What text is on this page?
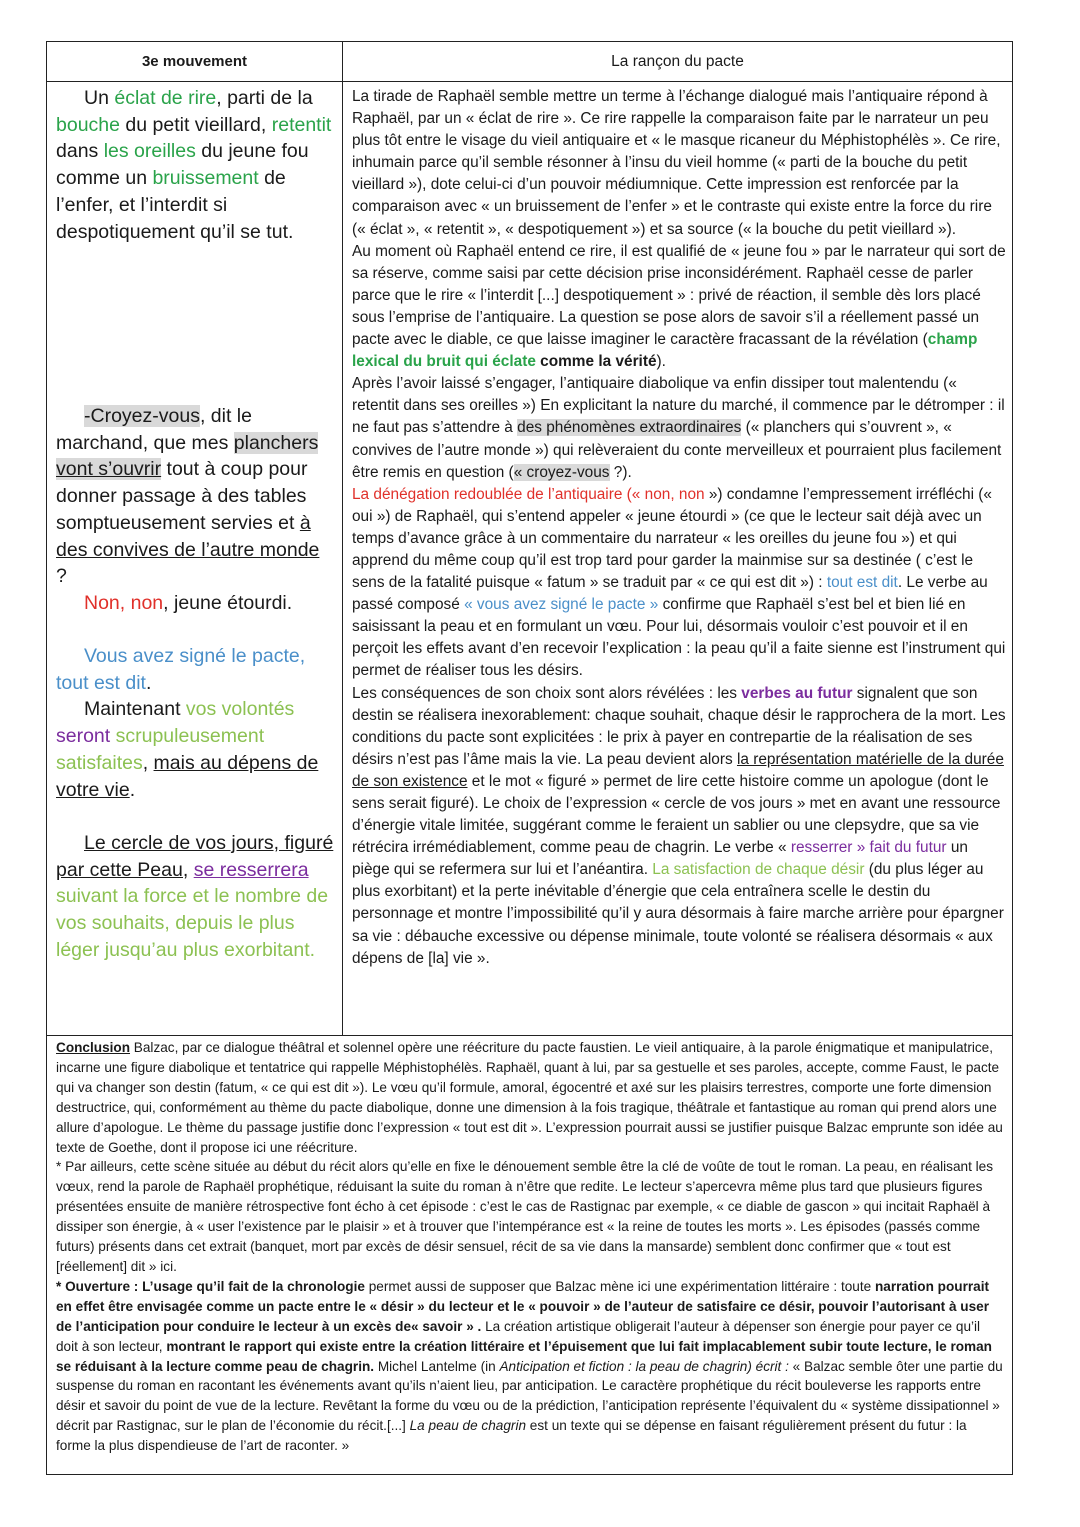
3e mouvement	La rançon du pacte

Un éclat de rire, parti de la bouche du petit vieillard, retentit dans les oreilles du jeune fou comme un bruissement de l’enfer, et l’interdit si despotiquement qu’il se tut.

-Croyez-vous, dit le marchand, que mes planchers vont s’ouvrir tout à coup pour donner passage à des tables somptueusement servies et à des convives de l’autre monde ?

Non, non, jeune étourdi.

Vous avez signé le pacte, tout est dit.

Maintenant vos volontés seront scrupuleusement satisfaites, mais au dépens de votre vie.

Le cercle de vos jours, figuré par cette Peau, se resserrera suivant la force et le nombre de vos souhaits, depuis le plus léger jusqu’au plus exorbitant.

La tirade de Raphaël semble mettre un terme à l’échange dialogué mais l’antiquaire répond à Raphaël, par un « éclat de rire ». Ce rire rappelle la comparaison faite par le narrateur un peu plus tôt entre le visage du vieil antiquaire et « le masque ricaneur du Méphistophélès ». Ce rire, inhumain parce qu’il semble résonner à l’insu du vieil homme (« parti de la bouche du petit vieillard »), dote celui-ci d’un pouvoir médiumnique. Cette impression est renforcée par la comparaison avec « un bruissement de l’enfer » et le contraste qui existe entre la force du rire (« éclat », « retentit », « despotiquement ») et sa source (« la bouche du petit vieillard »).

Au moment où Raphaël entend ce rire, il est qualifié de « jeune fou » par le narrateur qui sort de sa réserve, comme saisi par cette décision prise inconsidérément. Raphaël cesse de parler parce que le rire « l’interdit [...] despotiquement » : privé de réaction, il semble dès lors placé sous l’emprise de l’antiquaire. La question se pose alors de savoir s’il a réellement passé un pacte avec le diable, ce que laisse imaginer le caractère fracassant de la révélation (champ lexical du bruit qui éclate comme la vérité).

Après l’avoir laissé s’engager, l’antiquaire diabolique va enfin dissiper tout malentendu (« retentit dans ses oreilles ») En explicitant la nature du marché, il commence par le détromper : il ne faut pas s’attendre à des phénomènes extraordinaires (« planchers qui s’ouvrent », « convives de l’autre monde ») qui relèveraient du conte merveilleux et pourraient plus facilement être remis en question (« croyez-vous ?).

La dénégation redoublée de l’antiquaire (« non, non ») condamne l’empressement irréfléchi (« oui ») de Raphaël, qui s’entend appeler « jeune étourdi » (ce que le lecteur sait déjà avec un temps d’avance grâce à un commentaire du narrateur « les oreilles du jeune fou ») et qui apprend du même coup qu’il est trop tard pour garder la mainmise sur sa destinée ( c’est le sens de la fatalité puisque « fatum » se traduit par « ce qui est dit ») : tout est dit. Le verbe au passé composé « vous avez signé le pacte » confirme que Raphaël s’est bel et bien lié en saisissant la peau et en formulant un vœu. Pour lui, désormais vouloir c’est pouvoir et il en perçoit les effets avant d’en recevoir l’explication : la peau qu’il a faite sienne est l’instrument qui permet de réaliser tous les désirs.

Les conséquences de son choix sont alors révélées : les verbes au futur signalent que son destin se réalisera inexorablement: chaque souhait, chaque désir le rapprochera de la mort. Les conditions du pacte sont explicitées : le prix à payer en contrepartie de la réalisation de ses désirs n’est pas l’âme mais la vie. La peau devient alors la représentation matérielle de la durée de son existence et le mot « figuré » permet de lire cette histoire comme un apologue (dont le sens serait figuré). Le choix de l’expression « cercle de vos jours » met en avant une ressource d’énergie vitale limitée, suggérant comme le feraient un sablier ou une clepsydre, que sa vie rétrécira irrémédiablement, comme peau de chagrin. Le verbe « resserrer » fait du futur un piège qui se refermera sur lui et l’anéantira. La satisfaction de chaque désir (du plus léger au plus exorbitant) et la perte inévitable d’énergie que cela entraînera scelle le destin du personnage et montre l’impossibilité qu’il y aura désormais à faire marche arrière pour épargner sa vie : débauche excessive ou dépense minimale, toute volonté se réalisera désormais « aux dépens de [la] vie ».

Conclusion Balzac, par ce dialogue théâtral et solennel opère une réécriture du pacte faustien. Le vieil antiquaire, à la parole énigmatique et manipulatrice, incarne une figure diabolique et tentatrice qui rappelle Méphistophélès. Raphaël, quant à lui, par sa gestuelle et ses paroles, accepte, comme Faust, le pacte qui va changer son destin (fatum, « ce qui est dit »). Le vœu qu’il formule, amoral, égocentré et axé sur les plaisirs terrestres, comporte une forte dimension destructrice, qui, conformément au thème du pacte diabolique, donne une dimension à la fois tragique, théâtrale et fantastique au roman qui prend alors une allure d’apologue. Le thème du passage justifie donc l’expression « tout est dit ». L’expression pourrait aussi se justifier puisque Balzac emprunte son idée au texte de Goethe, dont il propose ici une réécriture.

* Par ailleurs, cette scène située au début du récit alors qu’elle en fixe le dénouement semble être la clé de voûte de tout le roman. La peau, en réalisant les vœux, rend la parole de Raphaël prophétique, réduisant la suite du roman à n’être que redite. Le lecteur s’apercevra même plus tard que plusieurs figures présentées ensuite de manière rétrospective font écho à cet épisode : c’est le cas de Rastignac par exemple, « ce diable de gascon » qui incitait Raphaël à dissiper son énergie, à « user l’existence par le plaisir » et à trouver que l’intempérance est « la reine de toutes les morts ». Les épisodes (passés comme futurs) présents dans cet extrait (banquet, mort par excès de désir sensuel, récit de sa vie dans la mansarde) semblent donc confirmer que « tout est [réellement] dit » ici.

* Ouverture : L’usage qu’il fait de la chronologie permet aussi de supposer que Balzac mène ici une expérimentation littéraire : toute narration pourrait en effet être envisagée comme un pacte entre le « désir » du lecteur et le « pouvoir » de l’auteur de satisfaire ce désir, pouvoir l’autorisant à user de l’anticipation pour conduire le lecteur à un excès de« savoir » . La création artistique obligerait l’auteur à dépenser son énergie pour payer ce qu’il doit à son lecteur, montrant le rapport qui existe entre la création littéraire et l’épuisement que lui fait implacablement subir toute lecture, le roman se réduisant à la lecture comme peau de chagrin. Michel Lantelme (in Anticipation et fiction : la peau de chagrin) écrit : « Balzac semble ôter une partie du suspense du roman en racontant les événements avant qu’ils n’aient lieu, par anticipation. Le caractère prophétique du récit bouleverse les rapports entre désir et savoir du point de vue de la lecture. Revêtant la forme du vœu ou de la prédiction, l’anticipation représente l’équivalent du « système dissipationnel » décrit par Rastignac, sur le plan de l’économie du récit.[...] La peau de chagrin est un texte qui se dépense en faisant régulièrement présent du futur : la forme la plus dispendieuse de l’art de raconter. »
